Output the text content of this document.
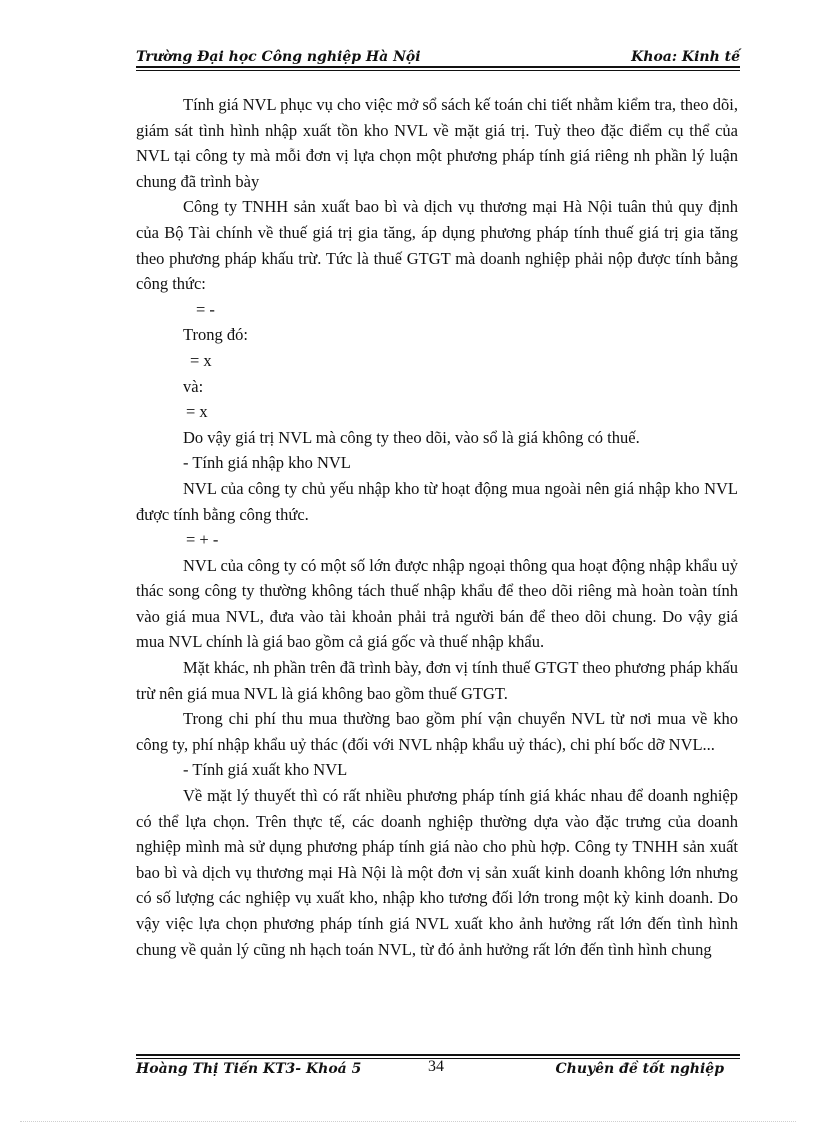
Trường Đại học Công nghiệp Hà Nội	Khoa: Kinh tế

Tính giá NVL phục vụ cho việc mở sổ sách kế toán chi tiết nhằm kiểm tra, theo dõi, giám sát tình hình nhập xuất tồn kho NVL về mặt giá trị. Tuỳ theo đặc điểm cụ thể của NVL tại công ty mà mỗi đơn vị lựa chọn một phương pháp tính giá riêng nh phần lý luận chung đã trình bày

Công ty TNHH sản xuất bao bì và dịch vụ thương mại Hà Nội tuân thủ quy định của Bộ Tài chính về thuế giá trị gia tăng, áp dụng phương pháp tính thuế giá trị gia tăng theo phương pháp khấu trừ. Tức là thuế GTGT mà doanh nghiệp phải nộp được tính bằng công thức:

= -

Trong đó:

= x

và:

= x

Do vậy giá trị NVL mà công ty theo dõi, vào sổ là giá không có thuế.

- Tính giá nhập kho NVL

NVL của công ty chủ yếu nhập kho từ hoạt động mua ngoài nên giá nhập kho NVL được tính bằng công thức.

= + -

NVL của công ty có một số lớn được nhập ngoại thông qua hoạt động nhập khẩu uỷ thác song công ty thường không tách thuế nhập khẩu để theo dõi riêng mà hoàn toàn tính vào giá mua NVL, đưa vào tài khoản phải trả người bán để theo dõi chung. Do vậy giá mua NVL chính là giá bao gồm cả giá gốc và thuế nhập khẩu.

Mặt khác, nh phần trên đã trình bày, đơn vị tính thuế GTGT theo phương pháp khấu trừ nên giá mua NVL là giá không bao gồm thuế GTGT.

Trong chi phí thu mua thường bao gồm phí vận chuyển NVL từ nơi mua về kho công ty, phí nhập khẩu uỷ thác (đối với NVL nhập khẩu uỷ thác), chi phí bốc dỡ NVL...

- Tính giá xuất kho NVL

Về mặt lý thuyết thì có rất nhiều phương pháp tính giá khác nhau để doanh nghiệp có thể lựa chọn. Trên thực tế, các doanh nghiệp thường dựa vào đặc trưng của doanh nghiệp mình mà sử dụng phương pháp tính giá nào cho phù hợp. Công ty TNHH sản xuất bao bì và dịch vụ thương mại Hà Nội là một đơn vị sản xuất kinh doanh không lớn nhưng có số lượng các nghiệp vụ xuất kho, nhập kho tương đối lớn trong một kỳ kinh doanh. Do vậy việc lựa chọn phương pháp tính giá NVL xuất kho ảnh hưởng rất lớn đến tình hình chung về quản lý cũng nh hạch toán NVL, từ đó ảnh hưởng rất lớn đến tình hình chung

Hoàng Thị Tiến KT3- Khoá 5	34	Chuyên đề tốt nghiệp
